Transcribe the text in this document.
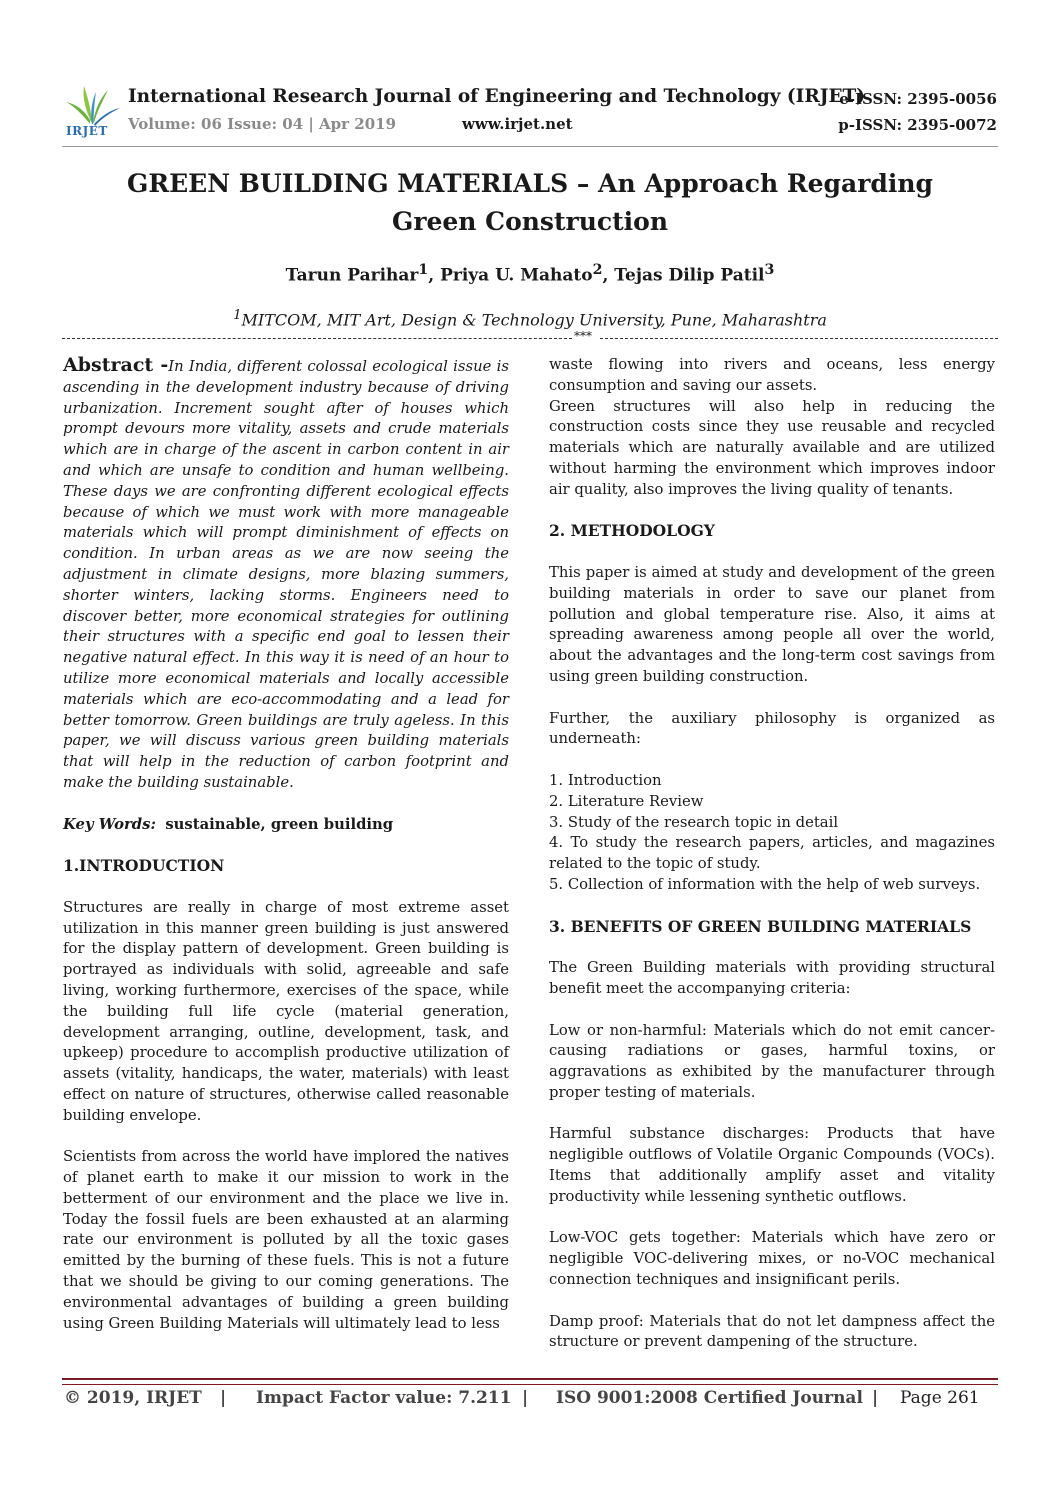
IRJET
International Research Journal of Engineering and Technology (IRJET)
Volume: 06 Issue: 04 | Apr 2019	www.irjet.net
e-ISSN: 2395-0056
p-ISSN: 2395-0072
GREEN BUILDING MATERIALS – An Approach Regarding Green Construction
Tarun Parihar$^1$, Priya U. Mahato$^2$, Tejas Dilip Patil$^3$
$^1$MITCOM, MIT Art, Design & Technology University, Pune, Maharashtra
***

Abstract -In India, different colossal ecological issue is ascending in the development industry because of driving urbanization. Increment sought after of houses which prompt devours more vitality, assets and crude materials which are in charge of the ascent in carbon content in air and which are unsafe to condition and human wellbeing. These days we are confronting different ecological effects because of which we must work with more manageable materials which will prompt diminishment of effects on condition. In urban areas as we are now seeing the adjustment in climate designs, more blazing summers, shorter winters, lacking storms. Engineers need to discover better, more economical strategies for outlining their structures with a specific end goal to lessen their negative natural effect. In this way it is need of an hour to utilize more economical materials and locally accessible materials which are eco-accommodating and a lead for better tomorrow. Green buildings are truly ageless. In this paper, we will discuss various green building materials that will help in the reduction of carbon footprint and make the building sustainable.

Key Words: sustainable, green building

1.INTRODUCTION

Structures are really in charge of most extreme asset utilization in this manner green building is just answered for the display pattern of development. Green building is portrayed as individuals with solid, agreeable and safe living, working furthermore, exercises of the space, while the building full life cycle (material generation, development arranging, outline, development, task, and upkeep) procedure to accomplish productive utilization of assets (vitality, handicaps, the water, materials) with least effect on nature of structures, otherwise called reasonable building envelope.

Scientists from across the world have implored the natives of planet earth to make it our mission to work in the betterment of our environment and the place we live in. Today the fossil fuels are been exhausted at an alarming rate our environment is polluted by all the toxic gases emitted by the burning of these fuels. This is not a future that we should be giving to our coming generations. The environmental advantages of building a green building using Green Building Materials will ultimately lead to less

waste flowing into rivers and oceans, less energy consumption and saving our assets.

Green structures will also help in reducing the construction costs since they use reusable and recycled materials which are naturally available and are utilized without harming the environment which improves indoor air quality, also improves the living quality of tenants.

2. METHODOLOGY

This paper is aimed at study and development of the green building materials in order to save our planet from pollution and global temperature rise. Also, it aims at spreading awareness among people all over the world, about the advantages and the long-term cost savings from using green building construction.

Further, the auxiliary philosophy is organized as underneath:

1. Introduction

2. Literature Review

3. Study of the research topic in detail

4. To study the research papers, articles, and magazines related to the topic of study.

5. Collection of information with the help of web surveys.

3. BENEFITS OF GREEN BUILDING MATERIALS

The Green Building materials with providing structural benefit meet the accompanying criteria:

Low or non-harmful: Materials which do not emit cancer-causing radiations or gases, harmful toxins, or aggravations as exhibited by the manufacturer through proper testing of materials.

Harmful substance discharges: Products that have negligible outflows of Volatile Organic Compounds (VOCs). Items that additionally amplify asset and vitality productivity while lessening synthetic outflows.

Low-VOC gets together: Materials which have zero or negligible VOC-delivering mixes, or no-VOC mechanical connection techniques and insignificant perils.

Damp proof: Materials that do not let dampness affect the structure or prevent dampening of the structure.

© 2019, IRJET | Impact Factor value: 7.211 | ISO 9001:2008 Certified Journal | Page 261
